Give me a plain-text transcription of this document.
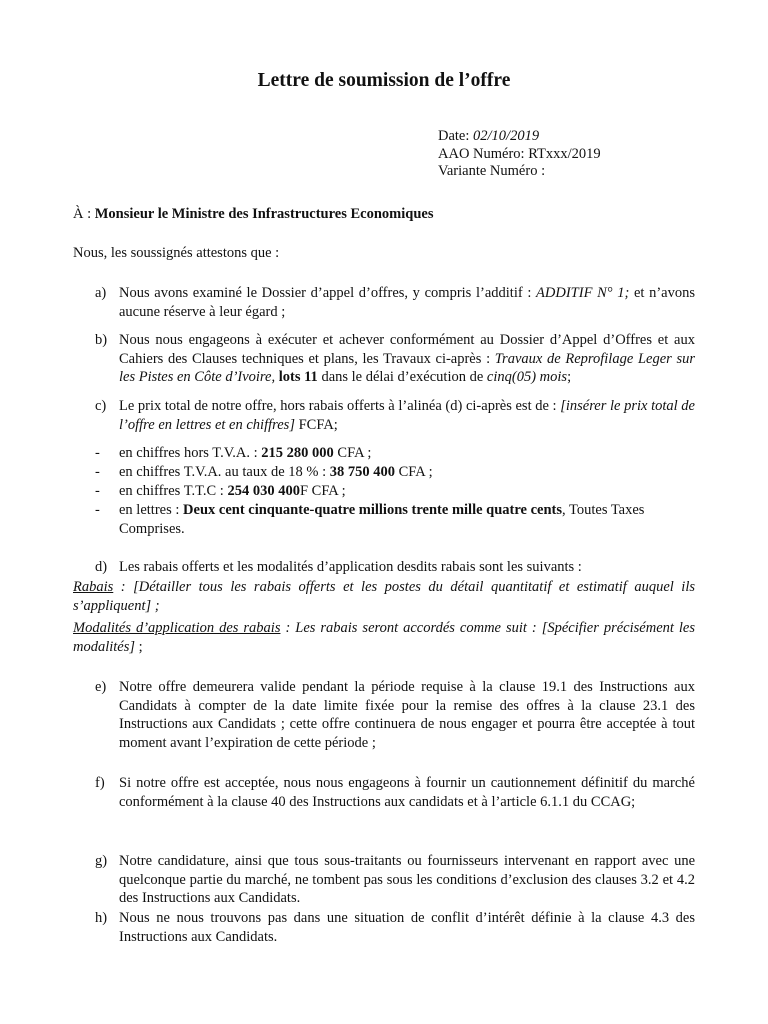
Lettre de soumission de l’offre
Date: 02/10/2019
AAO Numéro: RTxxx/2019
Variante Numéro :
À : Monsieur le Ministre des Infrastructures Economiques
Nous, les soussignés attestons que :
a) Nous avons examiné le Dossier d’appel d’offres, y compris l’additif : ADDITIF N° 1; et n’avons aucune réserve à leur égard ;
b) Nous nous engageons à exécuter et achever conformément au Dossier d’Appel d’Offres et aux Cahiers des Clauses techniques et plans, les Travaux ci-après : Travaux de Reprofilage Leger sur les Pistes en Côte d’Ivoire, lots 11 dans le délai d’exécution de cinq(05) mois;
c) Le prix total de notre offre, hors rabais offerts à l’alinéa (d) ci-après est de : [insérer le prix total de l’offre en lettres et en chiffres] FCFA;
- en chiffres hors T.V.A. : 215 280 000 CFA ;
- en chiffres T.V.A. au taux de 18 % : 38 750 400 CFA ;
- en chiffres T.T.C : 254 030 400F CFA ;
- en lettres : Deux cent cinquante-quatre millions trente mille quatre cents, Toutes Taxes Comprises.
d) Les rabais offerts et les modalités d’application desdits rabais sont les suivants :
Rabais : [Détailler tous les rabais offerts et les postes du détail quantitatif et estimatif auquel ils s’appliquent] ;
Modalités d’application des rabais : Les rabais seront accordés comme suit : [Spécifier précisément les modalités] ;
e) Notre offre demeurera valide pendant la période requise à la clause 19.1 des Instructions aux Candidats à compter de la date limite fixée pour la remise des offres à la clause 23.1 des Instructions aux Candidats ; cette offre continuera de nous engager et pourra être acceptée à tout moment avant l’expiration de cette période ;
f) Si notre offre est acceptée, nous nous engageons à fournir un cautionnement définitif du marché conformément à la clause 40 des Instructions aux candidats et à l’article 6.1.1 du CCAG;
g) Notre candidature, ainsi que tous sous-traitants ou fournisseurs intervenant en rapport avec une quelconque partie du marché, ne tombent pas sous les conditions d’exclusion des clauses 3.2 et 4.2 des Instructions aux Candidats.
h) Nous ne nous trouvons pas dans une situation de conflit d’intérêt définie à la clause 4.3 des Instructions aux Candidats.
